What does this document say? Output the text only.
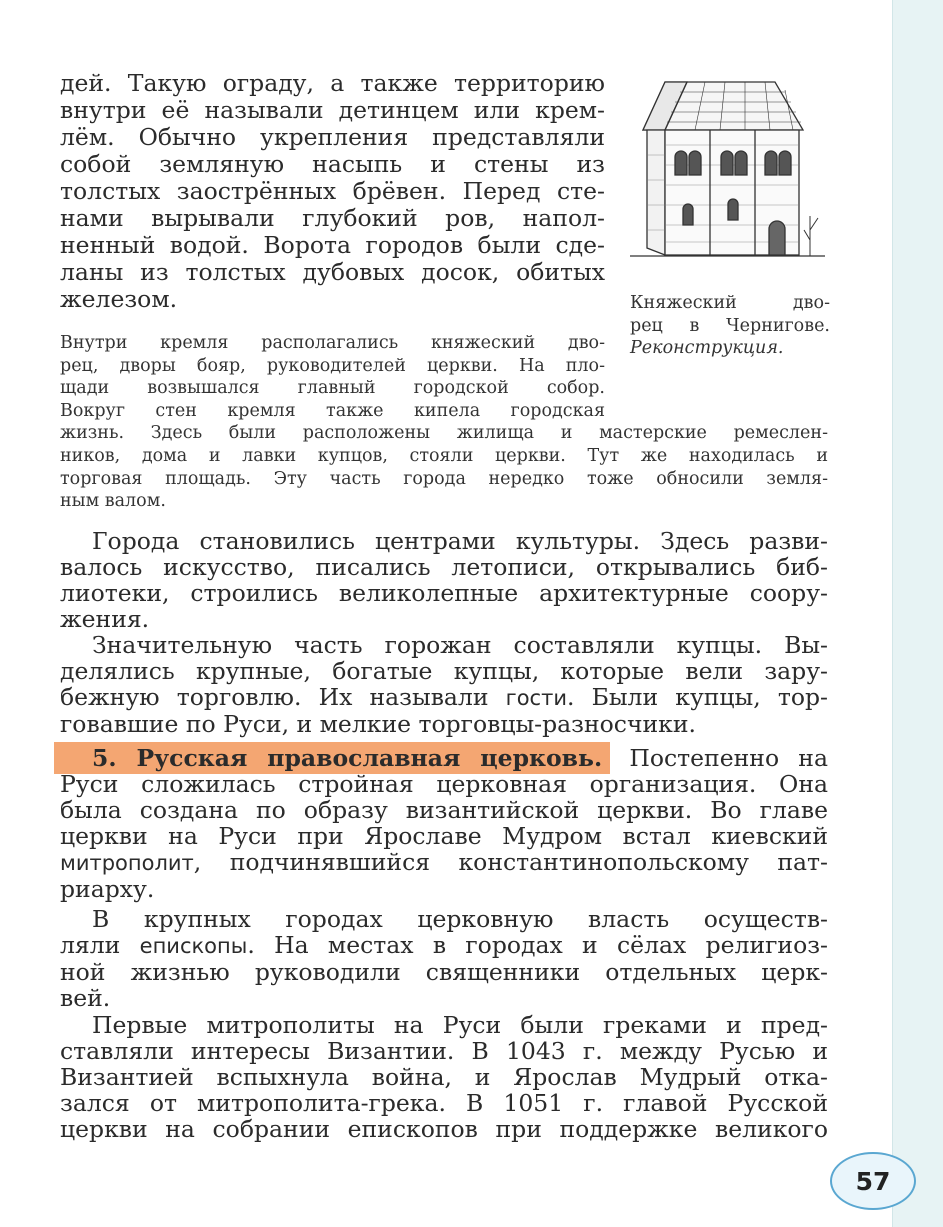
дей. Такую ограду, а также территорию
внутри её называли детинцем или крем-
лём. Обычно укрепления представляли
собой земляную насыпь и стены из
толстых заострённых брёвен. Перед сте-
нами вырывали глубокий ров, напол-
ненный водой. Ворота городов были сде-
ланы из толстых дубовых досок, обитых
железом.	Княжеский дво-
рец в Чернигове.
Реконструкция.
Внутри кремля располагались княжеский дво-
рец, дворы бояр, руководителей церкви. На пло-
щади возвышался главный городской собор.
Вокруг стен кремля также кипела городская
жизнь. Здесь были расположены жилища и мастерские ремеслен-
ников, дома и лавки купцов, стояли церкви. Тут же находилась и
торговая площадь. Эту часть города нередко тоже обносили земля-
ным валом.
Города становились центрами культуры. Здесь разви-
валось искусство, писались летописи, открывались биб-
лиотеки, строились великолепные архитектурные соору-
жения.
Значительную часть горожан составляли купцы. Вы-
делялись крупные, богатые купцы, которые вели зару-
бежную торговлю. Их называли гости. Были купцы, тор-
говавшие по Руси, и мелкие торговцы-разносчики.
5. Русская православная церковь. Постепенно на
Руси сложилась стройная церковная организация. Она
была создана по образу византийской церкви. Во главе
церкви на Руси при Ярославе Мудром встал киевский
митрополит, подчинявшийся константинопольскому пат-
риарху.
В крупных городах церковную власть осуществ-
ляли епископы. На местах в городах и сёлах религиоз-
ной жизнью руководили священники отдельных церк-
вей.
Первые митрополиты на Руси были греками и пред-
ставляли интересы Византии. В 1043 г. между Русью и
Византией вспыхнула война, и Ярослав Мудрый отка-
зался от митрополита-грека. В 1051 г. главой Русской
церкви на собрании епископов при поддержке великого
57
